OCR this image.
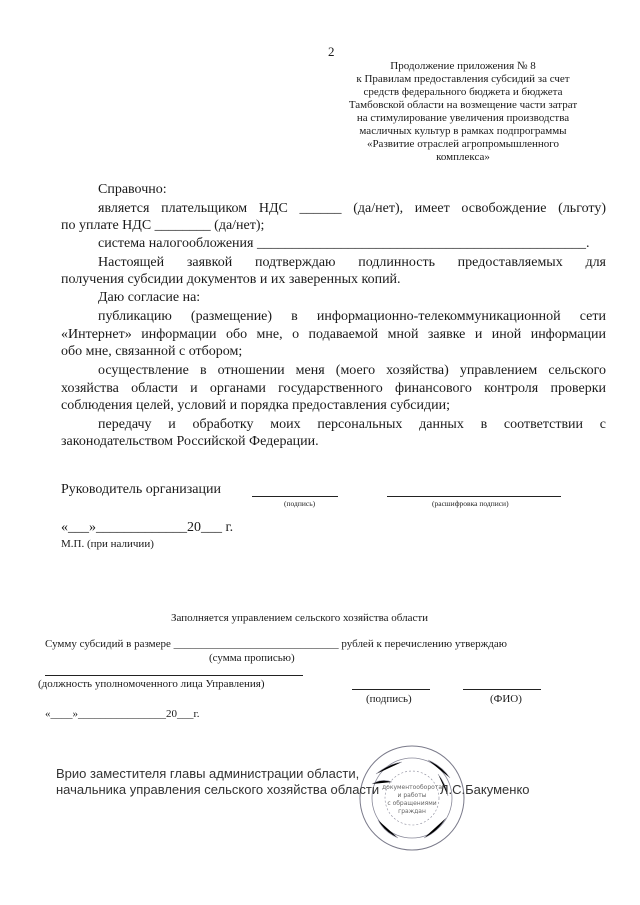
2
Продолжение приложения № 8
к Правилам предоставления субсидий за счет
средств федерального бюджета и бюджета
Тамбовской области на возмещение части затрат
на стимулирование увеличения производства
масличных культур в рамках подпрограммы
«Развитие отраслей агропромышленного
комплекса»
Справочно:
является плательщиком НДС ______ (да/нет), имеет освобождение (льготу)
по уплате НДС ________ (да/нет);
система налогообложения _______________________________________________.
Настоящей заявкой подтверждаю подлинность предоставляемых для
получения субсидии документов и их заверенных копий.
Даю согласие на:
публикацию (размещение) в информационно-телекоммуникационной сети
«Интернет» информации обо мне, о подаваемой мной заявке и иной информации
обо мне, связанной с отбором;
осуществление в отношении меня (моего хозяйства) управлением сельского
хозяйства области и органами государственного финансового контроля проверки
соблюдения целей, условий и порядка предоставления субсидии;
передачу и обработку моих персональных данных в соответствии с
законодательством Российской Федерации.
Руководитель организации
(подпись)	(расшифровка подписи)
«___»_____________20___ г.
М.П. (при наличии)
Заполняется управлением сельского хозяйства области
Сумму субсидий в размере ______________________________ рублей к перечислению утверждаю
(сумма прописью)
(должность уполномоченного лица Управления)
(подпись)	(ФИО)
«____»________________20___г.
документооборота
и работы
с обращениями
граждан
Врио заместителя главы администрации области,
начальника управления сельского хозяйства области	Л.С.Бакуменко
